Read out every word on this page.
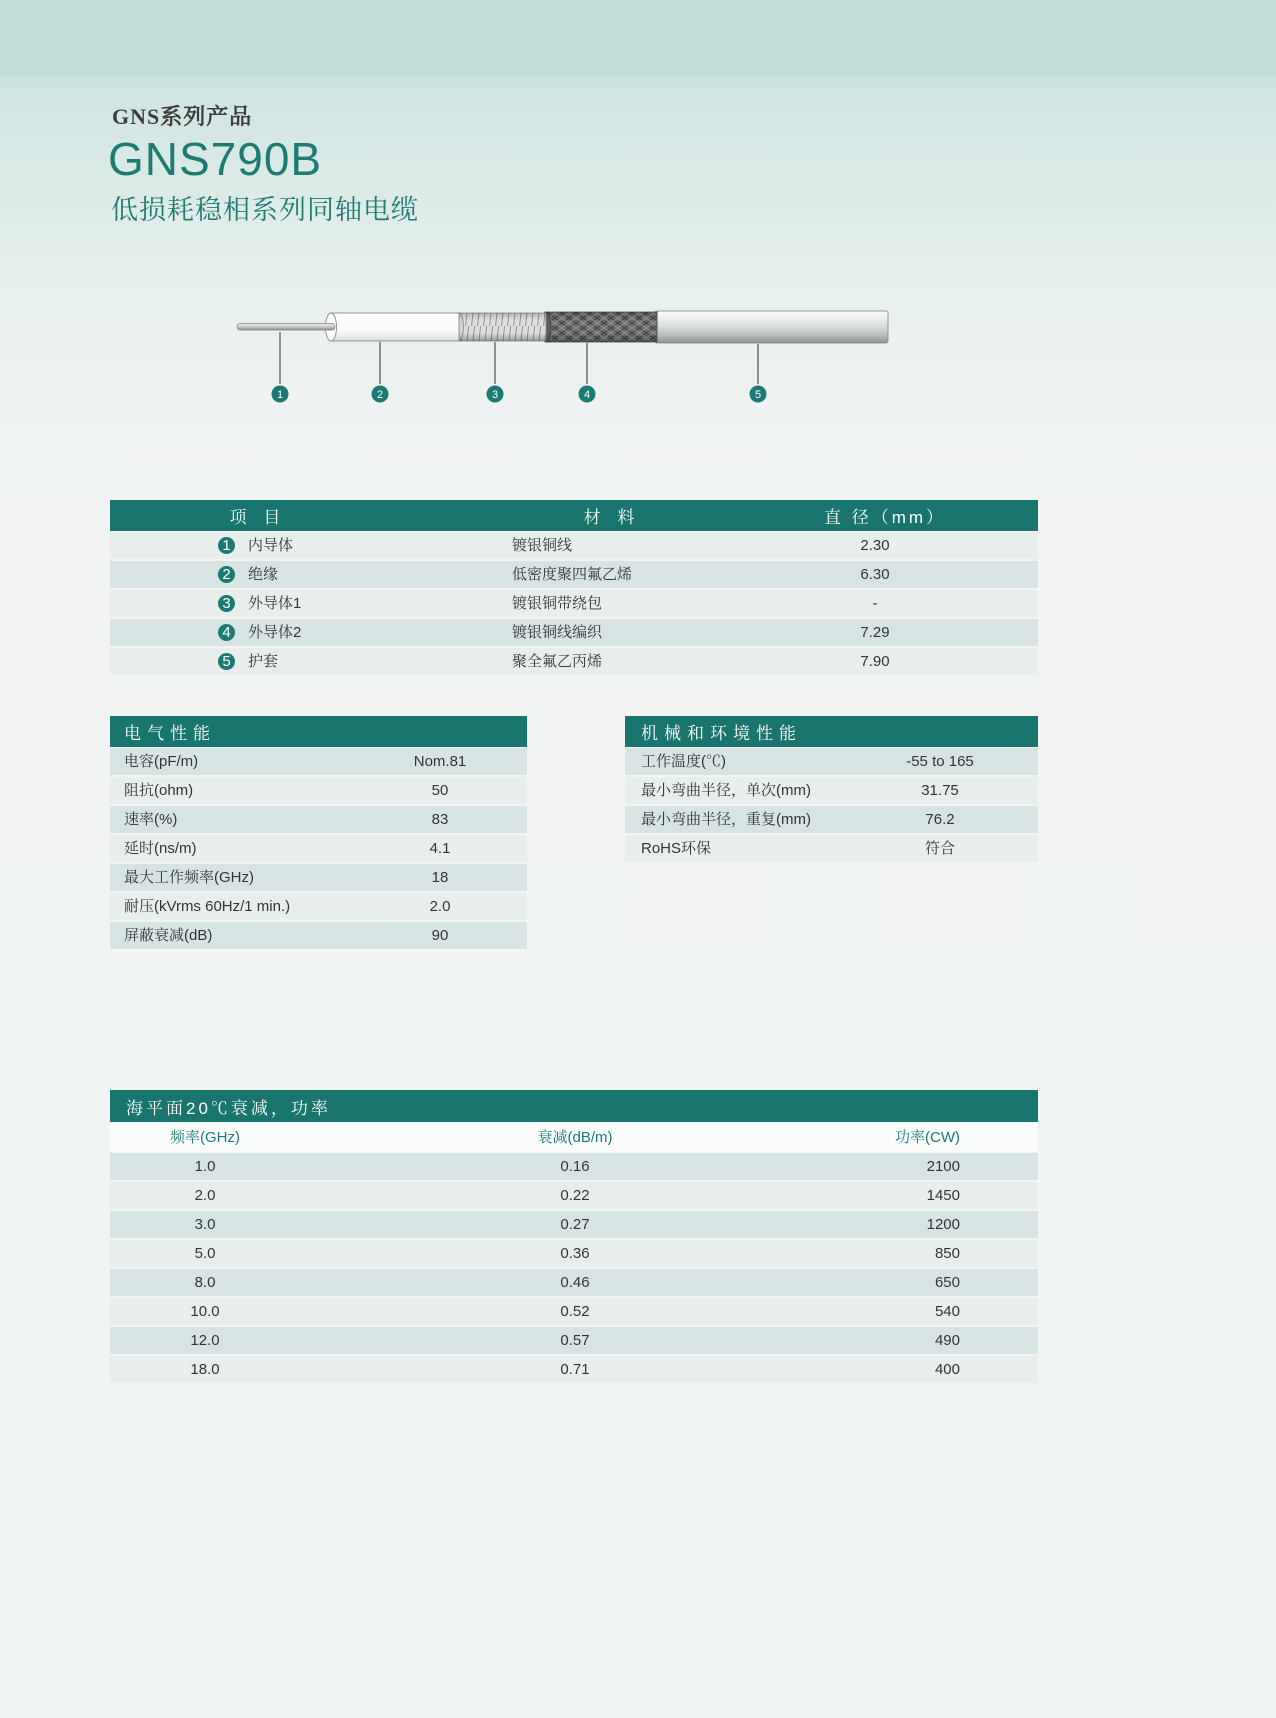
GNS系列产品
GNS790B
低损耗稳相系列同轴电缆
1	2	3	4	5
项 目	材 料	直 径（mm）
1 内导体	镀银铜线	2.30
2 绝缘	低密度聚四氟乙烯	6.30
3 外导体1	镀银铜带绕包	-
4 外导体2	镀银铜线编织	7.29
5 护套	聚全氟乙丙烯	7.90
电气性能
电容(pF/m)	Nom.81
阻抗(ohm)	50
速率(%)	83
延时(ns/m)	4.1
最大工作频率(GHz)	18
耐压(kVrms 60Hz/1 min.)	2.0
屏蔽衰减(dB)	90
机械和环境性能
工作温度(℃)	-55 to 165
最小弯曲半径，单次(mm)	31.75
最小弯曲半径，重复(mm)	76.2
RoHS环保	符合
海平面20℃衰减，功率
频率(GHz)	衰减(dB/m)	功率(CW)
1.0	0.16	2100
2.0	0.22	1450
3.0	0.27	1200
5.0	0.36	850
8.0	0.46	650
10.0	0.52	540
12.0	0.57	490
18.0	0.71	400
